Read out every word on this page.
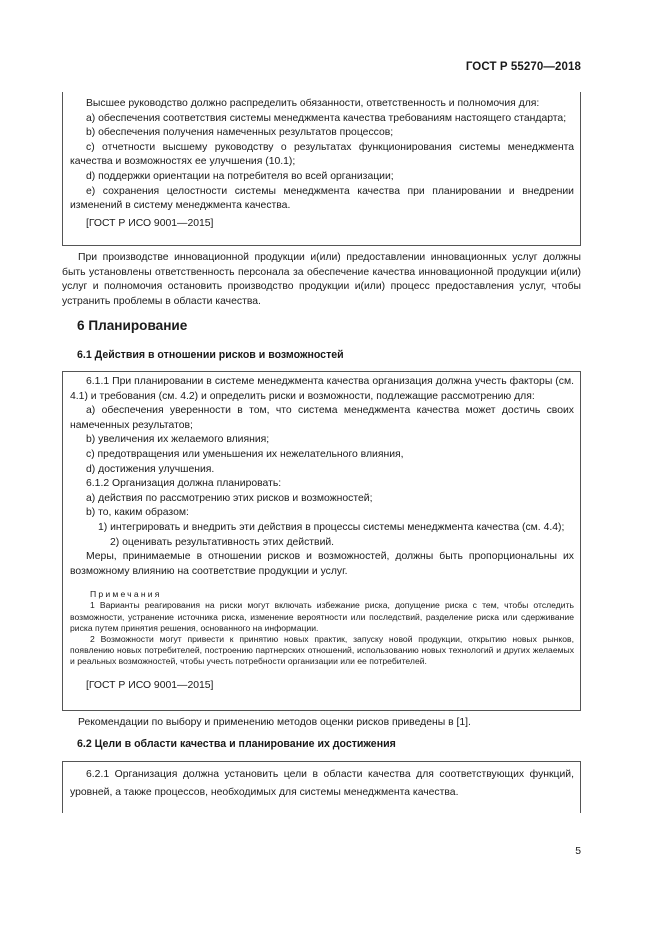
ГОСТ Р 55270—2018

Высшее руководство должно распределить обязанности, ответственность и полномочия для:

а) обеспечения соответствия системы менеджмента качества требованиям настоящего стандарта;

b) обеспечения получения намеченных результатов процессов;

с) отчетности высшему руководству о результатах функционирования системы менеджмента качества и возможностях ее улучшения (10.1);

d) поддержки ориентации на потребителя во всей организации;

е) сохранения целостности системы менеджмента качества при планировании и внедрении изменений в систему менеджмента качества.

[ГОСТ Р ИСО 9001—2015]

При производстве инновационной продукции и(или) предоставлении инновационных услуг должны быть установлены ответственность персонала за обеспечение качества инновационной продукции и(или) услуг и полномочия остановить производство продукции и(или) процесс предоставления услуг, чтобы устранить проблемы в области качества.

6 Планирование
6.1 Действия в отношении рисков и возможностей

6.1.1 При планировании в системе менеджмента качества организация должна учесть факторы (см. 4.1) и требования (см. 4.2) и определить риски и возможности, подлежащие рассмотрению для:

а) обеспечения уверенности в том, что система менеджмента качества может достичь своих намеченных результатов;

b) увеличения их желаемого влияния;

с) предотвращения или уменьшения их нежелательного влияния,

d) достижения улучшения.

6.1.2 Организация должна планировать:

а) действия по рассмотрению этих рисков и возможностей;

b) то, каким образом:

1) интегрировать и внедрить эти действия в процессы системы менеджмента качества (см. 4.4);

2) оценивать результативность этих действий.

Меры, принимаемые в отношении рисков и возможностей, должны быть пропорциональны их возможному влиянию на соответствие продукции и услуг.

Примечания

1 Варианты реагирования на риски могут включать избежание риска, допущение риска с тем, чтобы отследить возможности, устранение источника риска, изменение вероятности или последствий, разделение риска или сдерживание риска путем принятия решения, основанного на информации.

2 Возможности могут привести к принятию новых практик, запуску новой продукции, открытию новых рынков, появлению новых потребителей, построению партнерских отношений, использованию новых технологий и других желаемых и реальных возможностей, чтобы учесть потребности организации или ее потребителей.

[ГОСТ Р ИСО 9001—2015]

Рекомендации по выбору и применению методов оценки рисков приведены в [1].

6.2 Цели в области качества и планирование их достижения

6.2.1 Организация должна установить цели в области качества для соответствующих функций, уровней, а также процессов, необходимых для системы менеджмента качества.

5
